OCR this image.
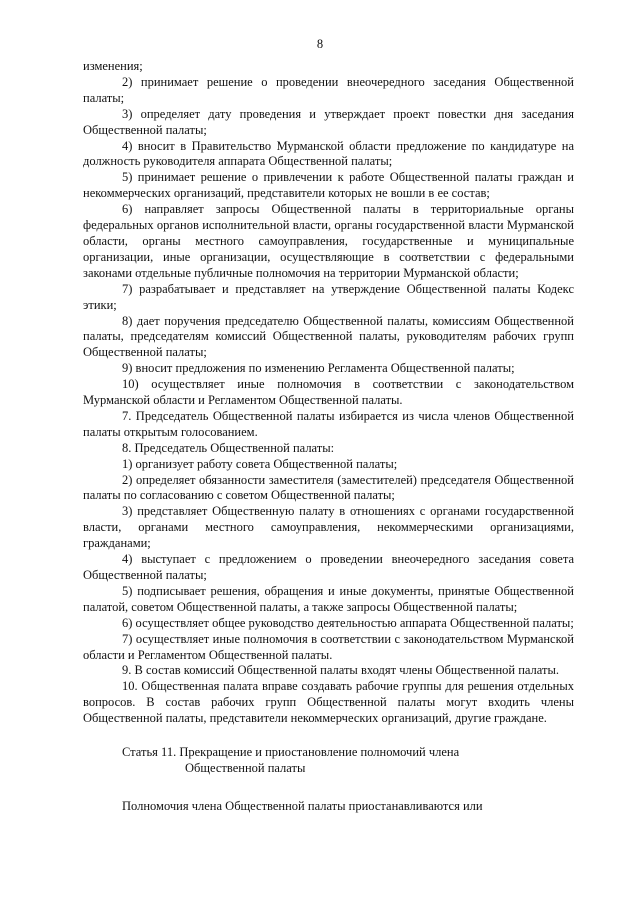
8

изменения;

2) принимает решение о проведении внеочередного заседания Общественной палаты;

3) определяет дату проведения и утверждает проект повестки дня заседания Общественной палаты;

4) вносит в Правительство Мурманской области предложение по кандидатуре на должность руководителя аппарата Общественной палаты;

5) принимает решение о привлечении к работе Общественной палаты граждан и некоммерческих организаций, представители которых не вошли в ее состав;

6) направляет запросы Общественной палаты в территориальные органы федеральных органов исполнительной власти, органы государственной власти Мурманской области, органы местного самоуправления, государственные и муниципальные организации, иные организации, осуществляющие в соответствии с федеральными законами отдельные публичные полномочия на территории Мурманской области;

7) разрабатывает и представляет на утверждение Общественной палаты Кодекс этики;

8) дает поручения председателю Общественной палаты, комиссиям Общественной палаты, председателям комиссий Общественной палаты, руководителям рабочих групп Общественной палаты;

9) вносит предложения по изменению Регламента Общественной палаты;

10) осуществляет иные полномочия в соответствии с законодательством Мурманской области и Регламентом Общественной палаты.

7. Председатель Общественной палаты избирается из числа членов Общественной палаты открытым голосованием.

8. Председатель Общественной палаты:

1) организует работу совета Общественной палаты;

2) определяет обязанности заместителя (заместителей) председателя Общественной палаты по согласованию с советом Общественной палаты;

3) представляет Общественную палату в отношениях с органами государственной власти, органами местного самоуправления, некоммерческими организациями, гражданами;

4) выступает с предложением о проведении внеочередного заседания совета Общественной палаты;

5) подписывает решения, обращения и иные документы, принятые Общественной палатой, советом Общественной палаты, а также запросы Общественной палаты;

6) осуществляет общее руководство деятельностью аппарата Общественной палаты;

7) осуществляет иные полномочия в соответствии с законодательством Мурманской области и Регламентом Общественной палаты.

9. В состав комиссий Общественной палаты входят члены Общественной палаты.

10. Общественная палата вправе создавать рабочие группы для решения отдельных вопросов. В состав рабочих групп Общественной палаты могут входить члены Общественной палаты, представители некоммерческих организаций, другие граждане.

Статья 11. Прекращение и приостановление полномочий члена
Общественной палаты

Полномочия члена Общественной палаты приостанавливаются или
